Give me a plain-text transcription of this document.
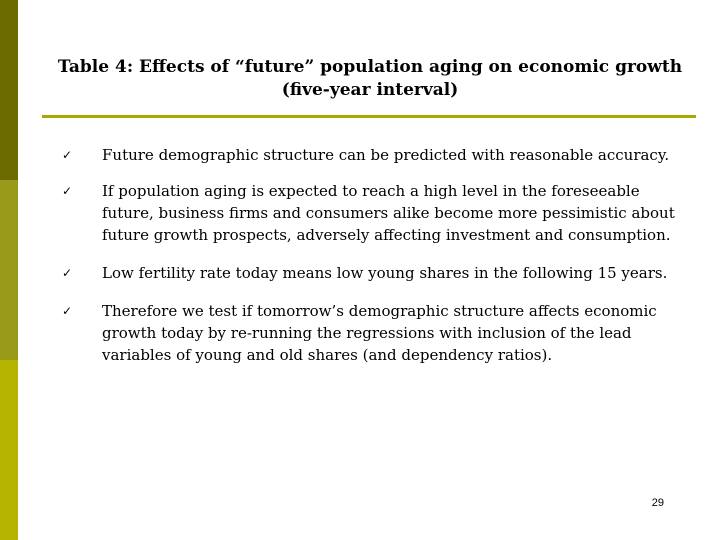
Table 4: Effects of “future” population aging on economic growth
(five-year interval)
✓ Future demographic structure can be predicted with reasonable accuracy.
✓ If population aging is expected to reach a high level in the foreseeable future, business firms and consumers alike become more pessimistic about future growth prospects, adversely affecting investment and consumption.
✓ Low fertility rate today means low young shares in the following 15 years.
✓ Therefore we test if tomorrow’s demographic structure affects economic growth today by re-running the regressions with inclusion of the lead variables of young and old shares (and dependency ratios).
29
